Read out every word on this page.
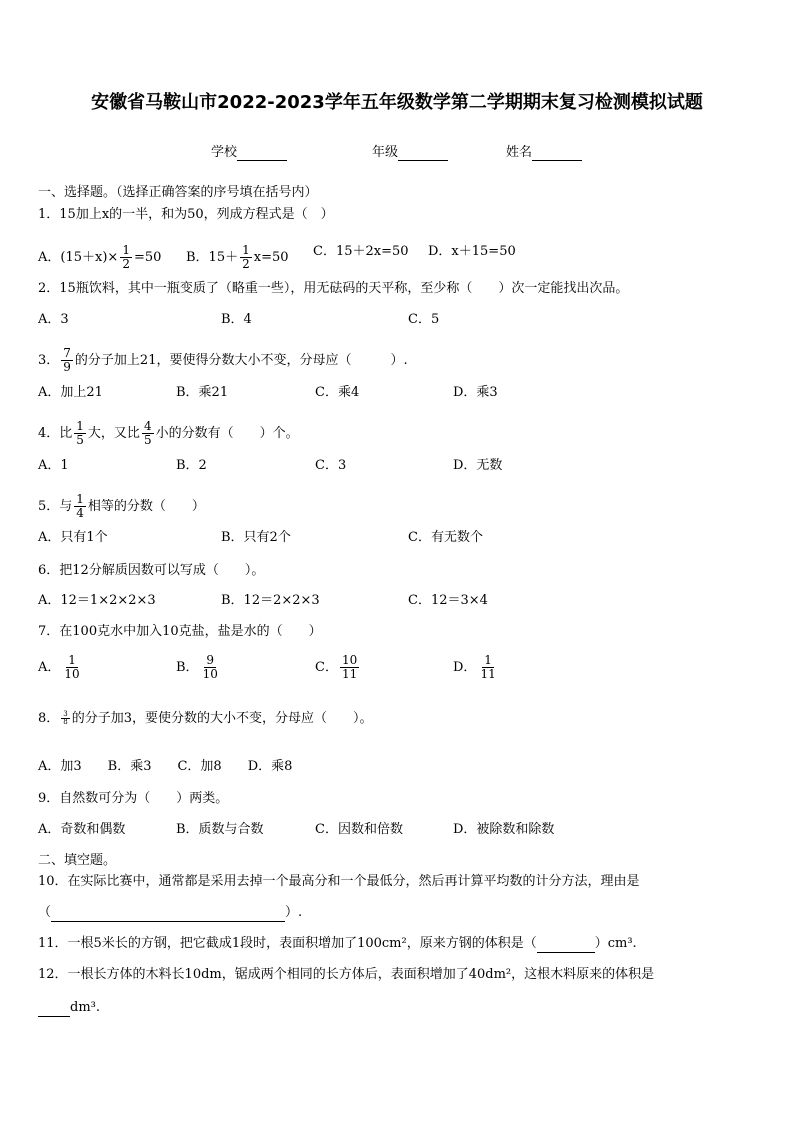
安徽省马鞍山市2022-2023学年五年级数学第二学期期末复习检测模拟试题
学校	年级	姓名
一、选择题。（选择正确答案的序号填在括号内）
1．15加上x的一半，和为50，列成方程式是（　）
A．$(15+x)\times \frac{1}{2} =50$ B．$15+ \frac{1}{2} x=50$ C．15＋2x=50 D．x＋15=50
2．15瓶饮料，其中一瓶变质了（略重一些），用无砝码的天平称，至少称（　　）次一定能找出次品。
A．3	B．4	C．5
3． $\frac{7}{9}$ 的分子加上21，要使得分数大小不变，分母应（　　　）.
A．加上21	B．乘21	C．乘4	D．乘3
4．比 $\frac{1}{5}$ 大，又比 $\frac{4}{5}$ 小的分数有（　　）个。
A．1	B．2	C．3	D．无数
5．与 $\frac{1}{4}$ 相等的分数（　　）
A．只有1个	B．只有2个	C．有无数个
6．把12分解质因数可以写成（　　）。
A．12＝1×2×2×3	B．12＝2×2×3	C．12＝3×4
7．在100克水中加入10克盐，盐是水的（　　）
A． $\frac{1}{10}$	B． $\frac{9}{10}$	C． $\frac{10}{11}$	D． $\frac{1}{11}$
8． $\frac{3}{8}$ 的分子加3，要使分数的大小不变，分母应（　　）。
A．加3　　B．乘3　　C．加8　　D．乘8
9．自然数可分为（　　）两类。
A．奇数和偶数	B．质数与合数	C．因数和倍数	D．被除数和除数
二、填空题。
10．在实际比赛中，通常都是采用去掉一个最高分和一个最低分，然后再计算平均数的计分方法，理由是
（	）.
11．一根5米长的方钢，把它截成1段时，表面积增加了100cm²，原来方钢的体积是（	）cm³.
12．一根长方体的木料长10dm，锯成两个相同的长方体后，表面积增加了40dm²，这根木料原来的体积是
dm³.
